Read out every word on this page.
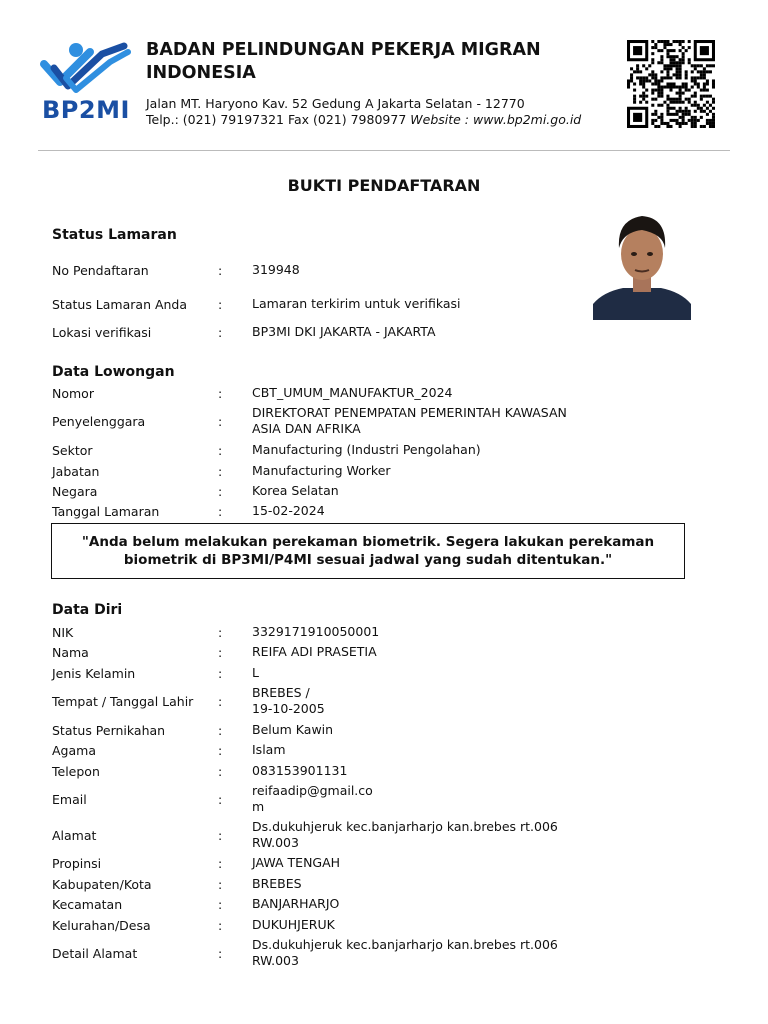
BP2MI
BADAN PELINDUNGAN PEKERJA MIGRAN
INDONESIA
Jalan MT. Haryono Kav. 52 Gedung A Jakarta Selatan - 12770
Telp.: (021) 79197321 Fax (021) 7980977 Website : www.bp2mi.go.id
BUKTI PENDAFTARAN
Status Lamaran
No Pendaftaran	:	319948
Status Lamaran Anda	:	Lamaran terkirim untuk verifikasi
Lokasi verifikasi	:	BP3MI DKI JAKARTA - JAKARTA
Data Lowongan
Nomor	:	CBT_UMUM_MANUFAKTUR_2024
Penyelenggara	:
DIREKTORAT PENEMPATAN PEMERINTAH KAWASAN
ASIA DAN AFRIKA
Sektor	:	Manufacturing (Industri Pengolahan)
Jabatan	:	Manufacturing Worker
Negara	:	Korea Selatan
Tanggal Lamaran	:	15-02-2024
"Anda belum melakukan perekaman biometrik. Segera lakukan perekaman
biometrik di BP3MI/P4MI sesuai jadwal yang sudah ditentukan."
Data Diri
NIK	:	3329171910050001
Nama	:	REIFA ADI PRASETIA
Jenis Kelamin	:	L
Tempat / Tanggal Lahir	:
BREBES /
19-10-2005
Status Pernikahan	:	Belum Kawin
Agama	:	Islam
Telepon	:	083153901131
Email	:
reifaadip@gmail.co
m
Alamat	:
Ds.dukuhjeruk kec.banjarharjo kan.brebes rt.006
RW.003
Propinsi	:	JAWA TENGAH
Kabupaten/Kota	:	BREBES
Kecamatan	:	BANJARHARJO
Kelurahan/Desa	:	DUKUHJERUK
Detail Alamat	:
Ds.dukuhjeruk kec.banjarharjo kan.brebes rt.006
RW.003
